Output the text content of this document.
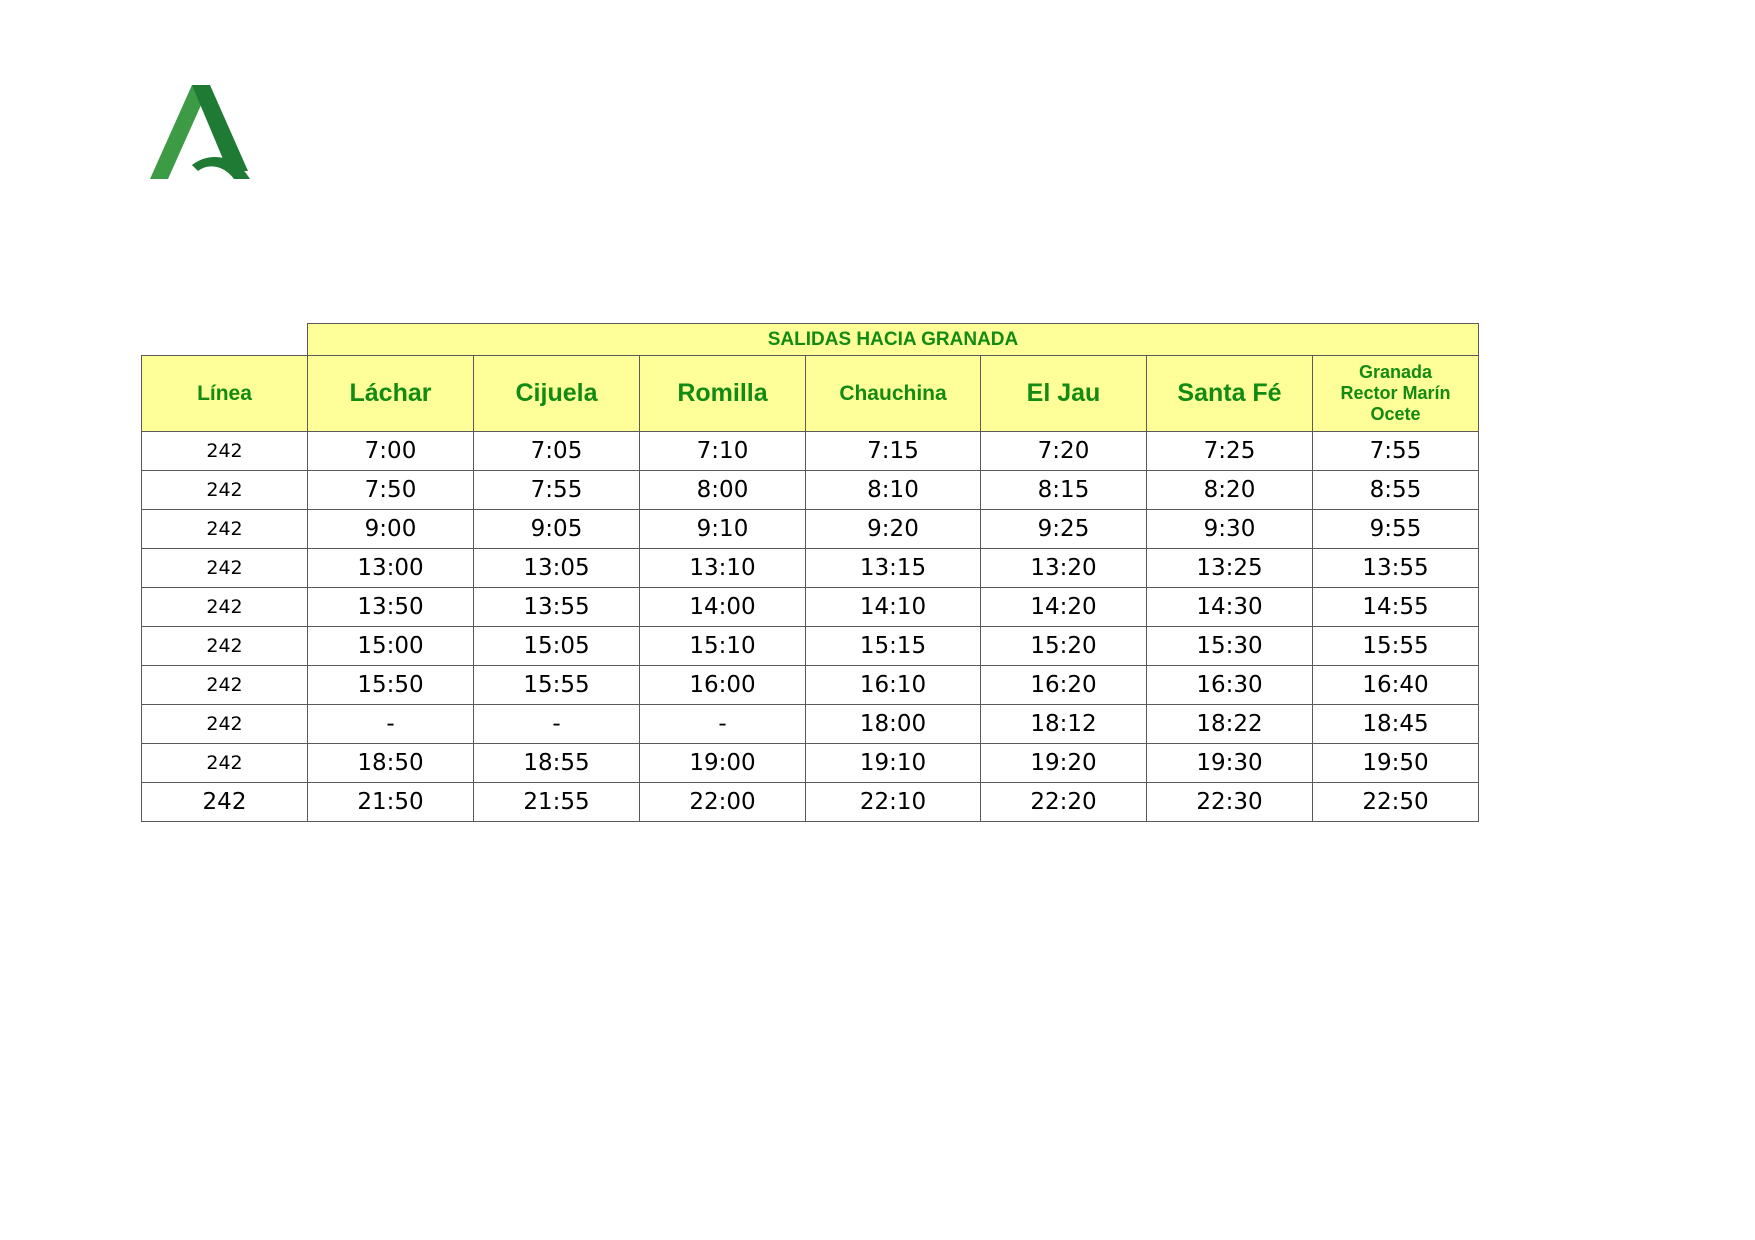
	SALIDAS HACIA GRANADA						
Línea	Láchar	Cijuela	Romilla	Chauchina	El Jau	Santa Fé	Granada
Rector Marín
Ocete

242	7:00	7:05	7:10	7:15	7:20	7:25	7:55
242	7:50	7:55	8:00	8:10	8:15	8:20	8:55
242	9:00	9:05	9:10	9:20	9:25	9:30	9:55
242	13:00	13:05	13:10	13:15	13:20	13:25	13:55
242	13:50	13:55	14:00	14:10	14:20	14:30	14:55
242	15:00	15:05	15:10	15:15	15:20	15:30	15:55
242	15:50	15:55	16:00	16:10	16:20	16:30	16:40
242	-	-	-	18:00	18:12	18:22	18:45
242	18:50	18:55	19:00	19:10	19:20	19:30	19:50
242	21:50	21:55	22:00	22:10	22:20	22:30	22:50
